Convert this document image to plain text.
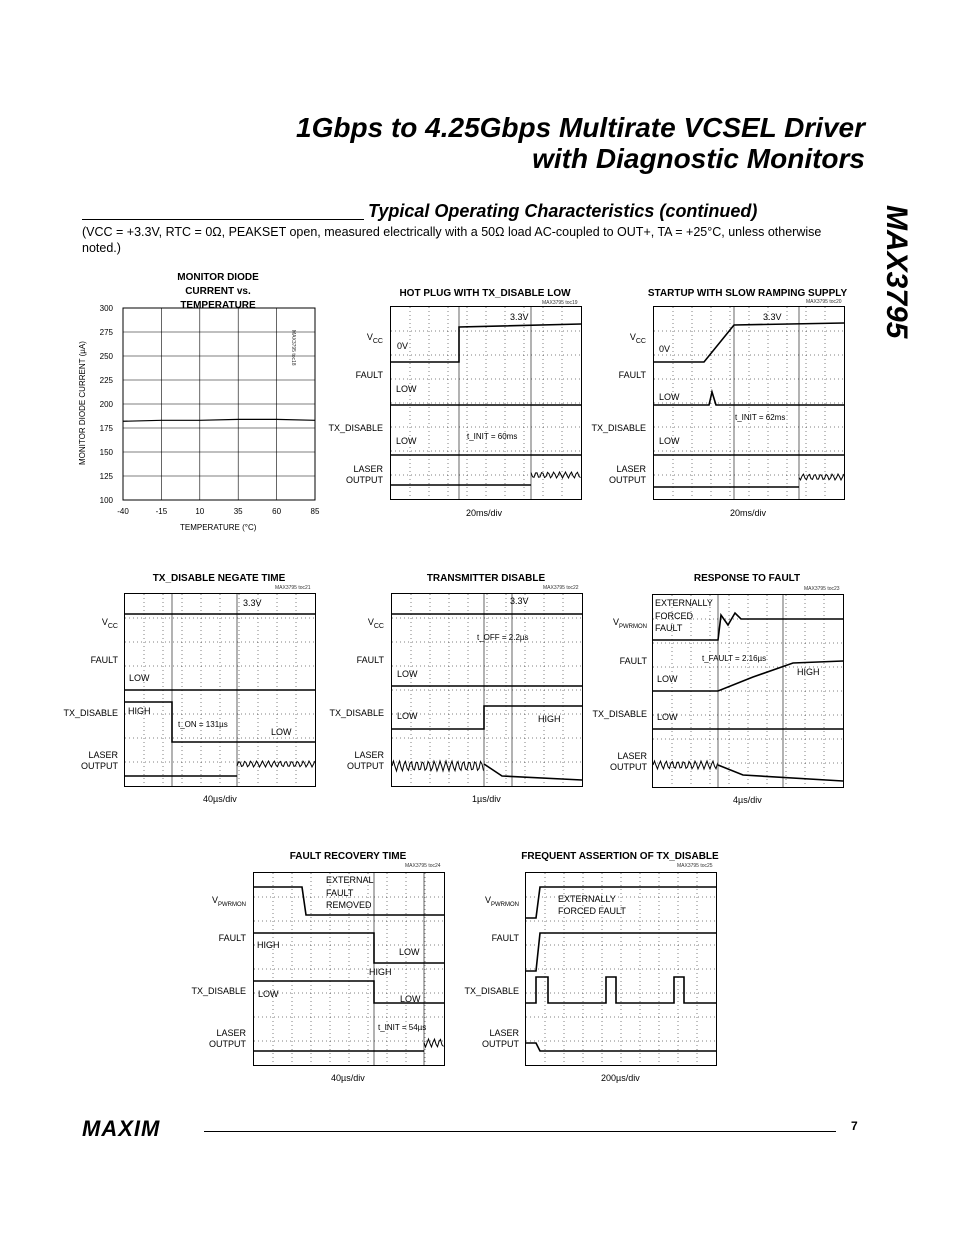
1Gbps to 4.25Gbps Multirate VCSEL Driver
with Diagnostic Monitors
MAX3795
Typical Operating Characteristics (continued)
(VCC = +3.3V, RTC = 0Ω, PEAKSET open, measured electrically with a 50Ω load AC-coupled to OUT+, TA = +25°C, unless otherwise
noted.)
MONITOR DIODE CURRENT vs. TEMPERATURE
MAX3795 toc18
MONITOR DIODE CURRENT (µA)
-40	-15	10	35	60	85
100
125
150
175
200
225
250
275
300
TEMPERATURE (°C)
HOT PLUG WITH TX_DISABLE LOW
MAX3795 toc19
$V_{CC}$
FAULT
TX_DISABLE
LASER OUTPUT
3.3V
0V
LOW
LOW	t_INIT = 60ms
20ms/div
STARTUP WITH SLOW RAMPING SUPPLY
MAX3795 toc20
$V_{CC}$
FAULT
TX_DISABLE
LASER OUTPUT
3.3V
0V
LOW
LOW
t_INIT = 62ms
20ms/div
TX_DISABLE NEGATE TIME
MAX3795 toc21
$V_{CC}$
FAULT
TX_DISABLE
LASER OUTPUT
3.3V
LOW
HIGH
t_ON = 131µs
LOW
40µs/div
TRANSMITTER DISABLE
MAX3795 toc22
$V_{CC}$
FAULT
TX_DISABLE
LASER OUTPUT
3.3V
t_OFF = 2.2µs
LOW
LOW	HIGH
1µs/div
RESPONSE TO FAULT
MAX3795 toc23
$V_{PWRMON}$
FAULT
TX_DISABLE
LASER OUTPUT
EXTERNALLY
FORCED
FAULT
t_FAULT = 2.16µs
HIGH
LOW
LOW
4µs/div
FAULT RECOVERY TIME
MAX3795 toc24
$V_{PWRMON}$
FAULT
TX_DISABLE
LASER OUTPUT
EXTERNAL
FAULT
REMOVED
HIGH
LOW
HIGH
LOW	LOW
t_INIT = 54µs
40µs/div
FREQUENT ASSERTION OF TX_DISABLE
MAX3795 toc25
$V_{PWRMON}$
FAULT
TX_DISABLE
LASER OUTPUT
EXTERNALLY
FORCED FAULT
200µs/div
MAXIM	7
